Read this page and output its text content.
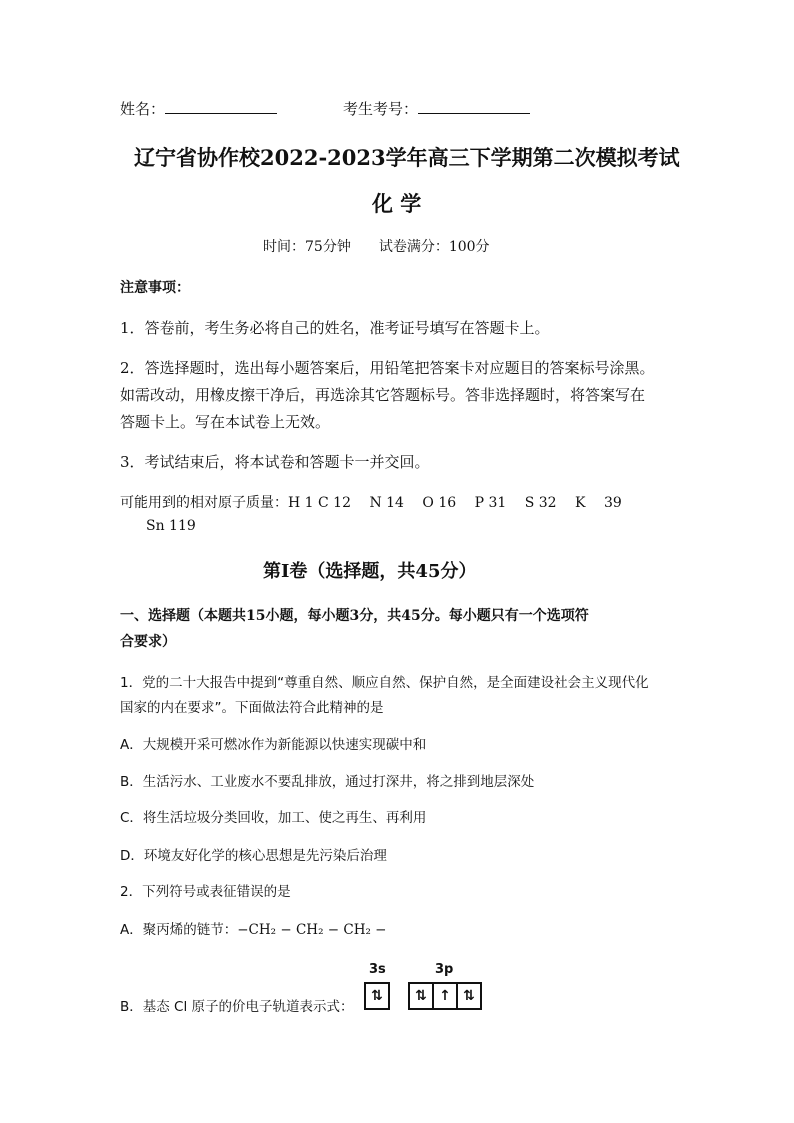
姓名：	考生考号：
辽宁省协作校2022-2023学年高三下学期第二次模拟考试
化 学
时间：75分钟　　试卷满分：100分
注意事项：
1．答卷前，考生务必将自己的姓名，准考证号填写在答题卡上。
2．答选择题时，选出每小题答案后，用铅笔把答案卡对应题目的答案标号涂黑。
如需改动，用橡皮擦干净后，再选涂其它答题标号。答非选择题时，将答案写在
答题卡上。写在本试卷上无效。
3．考试结束后，将本试卷和答题卡一并交回。
可能用到的相对原子质量：H 1 C 12　 N 14　 O 16　 P 31　 S 32　 K　 39
Sn 119
第Ⅰ卷（选择题，共45分）
一、选择题（本题共15小题，每小题3分，共45分。每小题只有一个选项符
合要求）
1．党的二十大报告中提到“尊重自然、顺应自然、保护自然，是全面建设社会主义现代化
国家的内在要求”。下面做法符合此精神的是
A．大规模开采可燃冰作为新能源以快速实现碳中和
B．生活污水、工业废水不要乱排放，通过打深井，将之排到地层深处
C．将生活垃圾分类回收，加工、使之再生、再利用
D．环境友好化学的核心思想是先污染后治理
2．下列符号或表征错误的是
A．聚丙烯的链节：−CH₂ − CH₂ − CH₂ −
B．基态 Cl 原子的价电子轨道表示式：
3s	3p
⇅	⇅ ↑ ⇅
